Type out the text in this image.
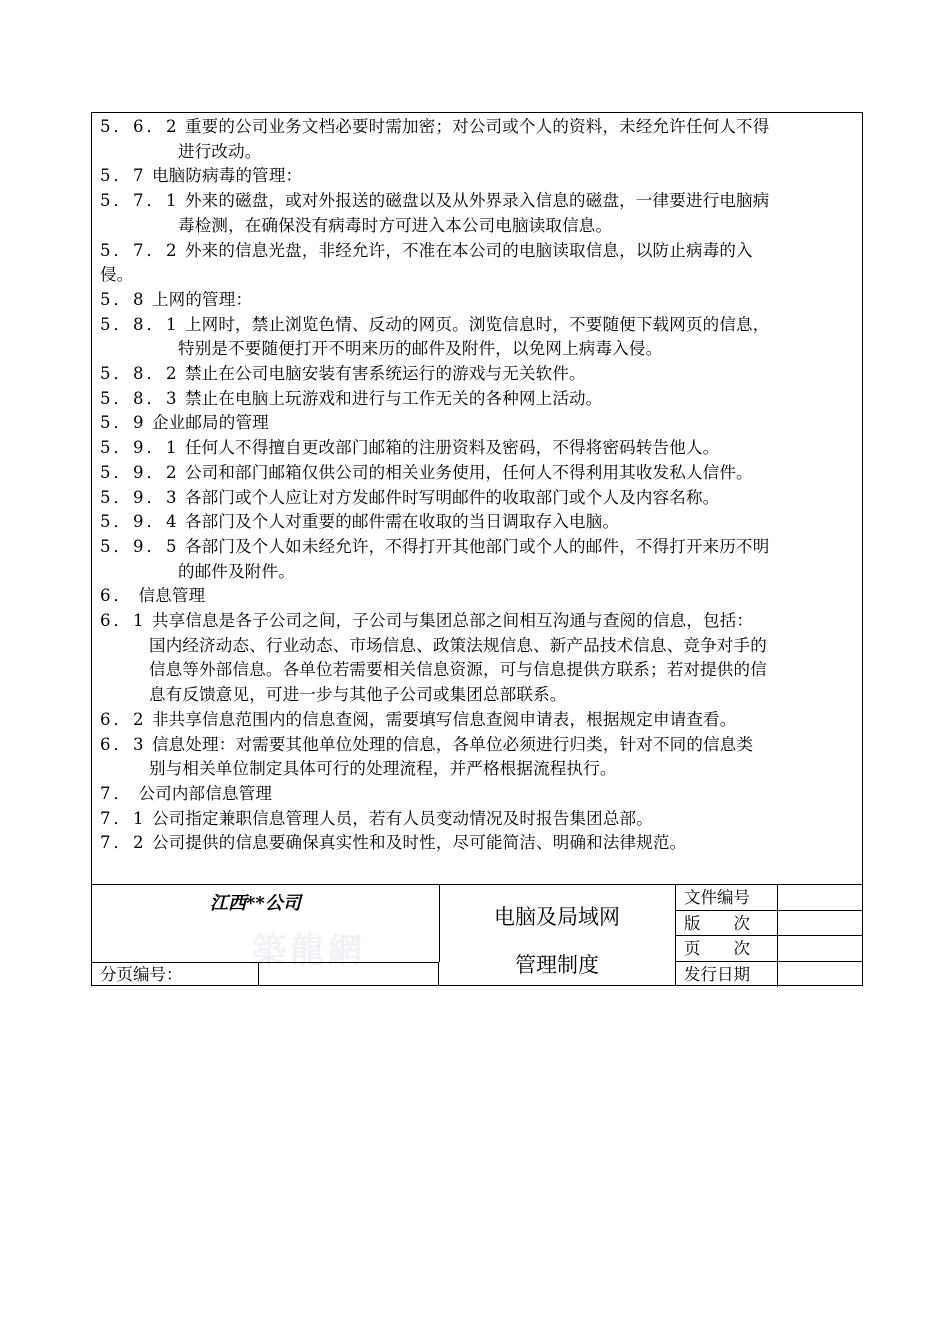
5．6．2 重要的公司业务文档必要时需加密；对公司或个人的资料，未经允许任何人不得
进行改动。
5．7 电脑防病毒的管理：
5．7．1 外来的磁盘，或对外报送的磁盘以及从外界录入信息的磁盘，一律要进行电脑病
毒检测，在确保没有病毒时方可进入本公司电脑读取信息。
5．7．2 外来的信息光盘，非经允许，不准在本公司的电脑读取信息，以防止病毒的入
侵。
5．8 上网的管理：
5．8．1 上网时，禁止浏览色情、反动的网页。浏览信息时，不要随便下载网页的信息，
特别是不要随便打开不明来历的邮件及附件，以免网上病毒入侵。
5．8．2 禁止在公司电脑安装有害系统运行的游戏与无关软件。
5．8．3 禁止在电脑上玩游戏和进行与工作无关的各种网上活动。
5．9 企业邮局的管理
5．9．1 任何人不得擅自更改部门邮箱的注册资料及密码，不得将密码转告他人。
5．9．2 公司和部门邮箱仅供公司的相关业务使用，任何人不得利用其收发私人信件。
5．9．3 各部门或个人应让对方发邮件时写明邮件的收取部门或个人及内容名称。
5．9．4 各部门及个人对重要的邮件需在收取的当日调取存入电脑。
5．9．5 各部门及个人如未经允许，不得打开其他部门或个人的邮件，不得打开来历不明
的邮件及附件。
6． 信息管理
6．1 共享信息是各子公司之间，子公司与集团总部之间相互沟通与查阅的信息，包括：
国内经济动态、行业动态、市场信息、政策法规信息、新产品技术信息、竞争对手的
信息等外部信息。各单位若需要相关信息资源，可与信息提供方联系；若对提供的信
息有反馈意见，可进一步与其他子公司或集团总部联系。
6．2 非共享信息范围内的信息查阅，需要填写信息查阅申请表，根据规定申请查看。
6．3 信息处理：对需要其他单位处理的信息，各单位必须进行归类，针对不同的信息类
别与相关单位制定具体可行的处理流程，并严格根据流程执行。
7． 公司内部信息管理
7．1 公司指定兼职信息管理人员，若有人员变动情况及时报告集团总部。
7．2 公司提供的信息要确保真实性和及时性，尽可能简洁、明确和法律规范。
江西**公司
築龍網
分页编号：
电脑及局域网
管理制度
文件编号
版　　次
页　　次
发行日期
